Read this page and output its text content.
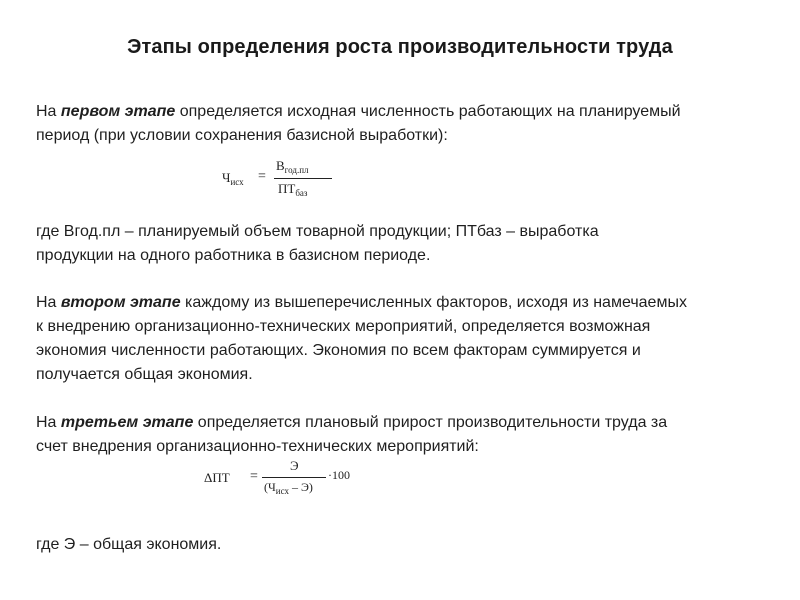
Этапы определения роста производительности труда
На первом этапе определяется исходная численность работающих на планируемый
период (при условии сохранения базисной выработки):
$Ч_{исх}$ =
$В_{год.пл}$
$ПТ_{баз}$
где Вгод.пл – планируемый объем товарной продукции; ПТбаз – выработка
продукции на одного работника в базисном периоде.
На втором этапе каждому из вышеперечисленных факторов, исходя из намечаемых
к внедрению организационно-технических мероприятий, определяется возможная
экономия численности работающих. Экономия по всем факторам суммируется и
получается общая экономия.
На третьем этапе определяется плановый прирост производительности труда за
счет внедрения организационно-технических мероприятий:
ΔПТ =
Э
$(Ч_{исх} - Э)$
·100
где Э – общая экономия.
